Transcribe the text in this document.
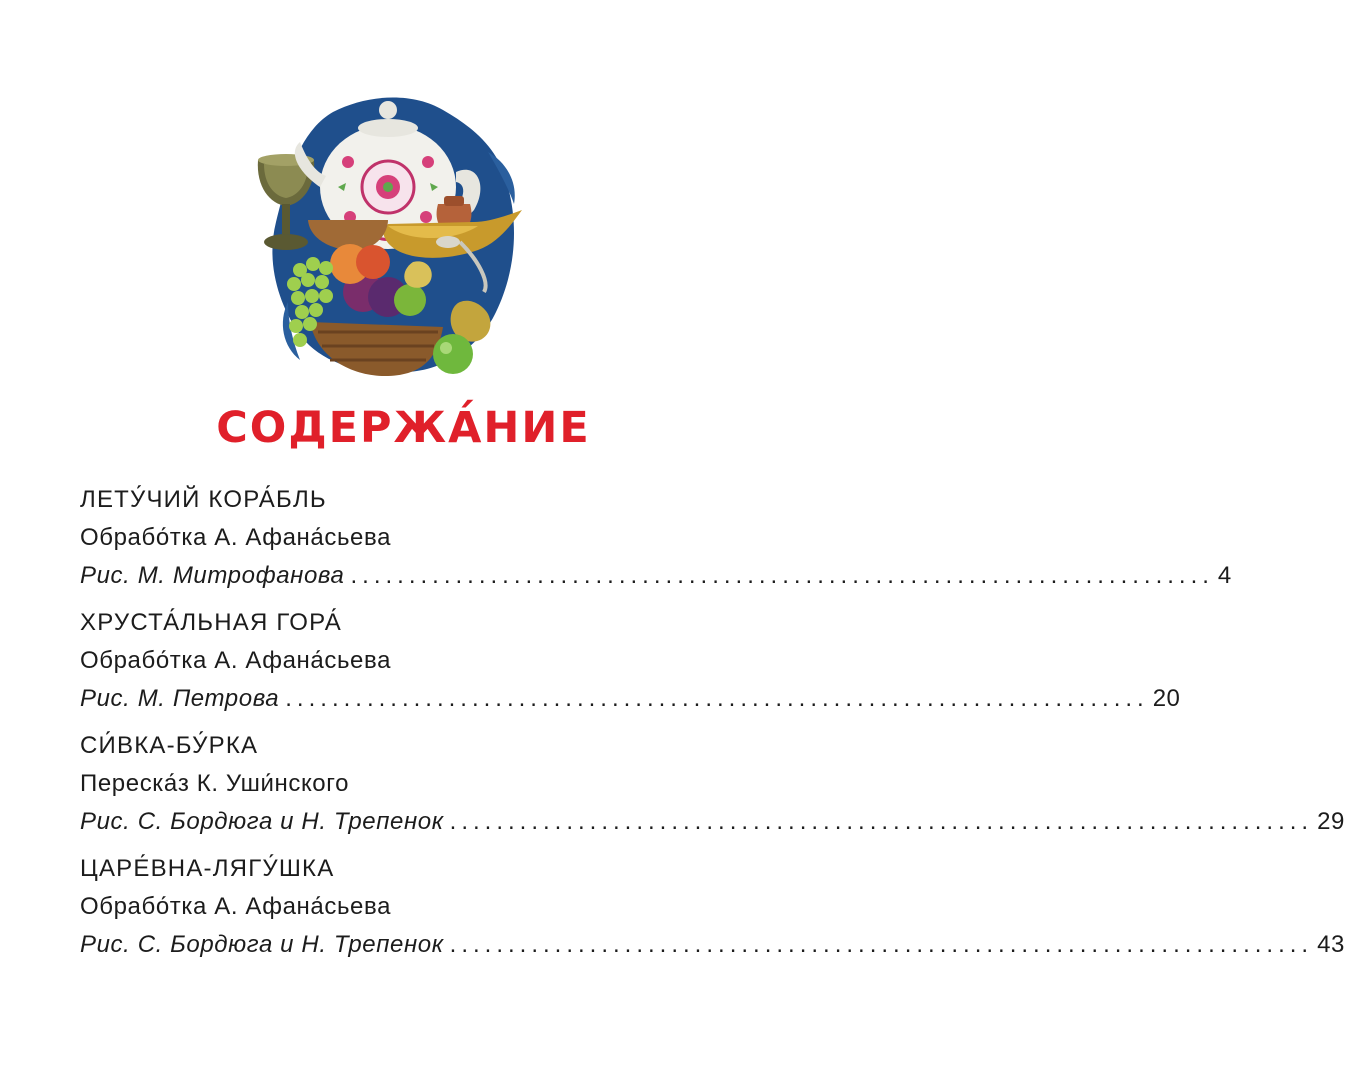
СОДЕРЖА́НИЕ
ЛЕТУ́ЧИЙ КОРА́БЛЬ
Обрабо́тка А. Афана́сьева
Рис. М. Митрофанова .......................................................................... 4
ХРУСТА́ЛЬНАЯ ГОРА́
Обрабо́тка А. Афана́сьева
Рис. М. Петрова .......................................................................... 20
СИ́ВКА-БУ́РКА
Переска́з К. Уши́нского
Рис. С. Бордюга и Н. Трепенок .......................................................................... 29
ЦАРЕ́ВНА-ЛЯГУ́ШКА
Обрабо́тка А. Афана́сьева
Рис. С. Бордюга и Н. Трепенок .......................................................................... 43
